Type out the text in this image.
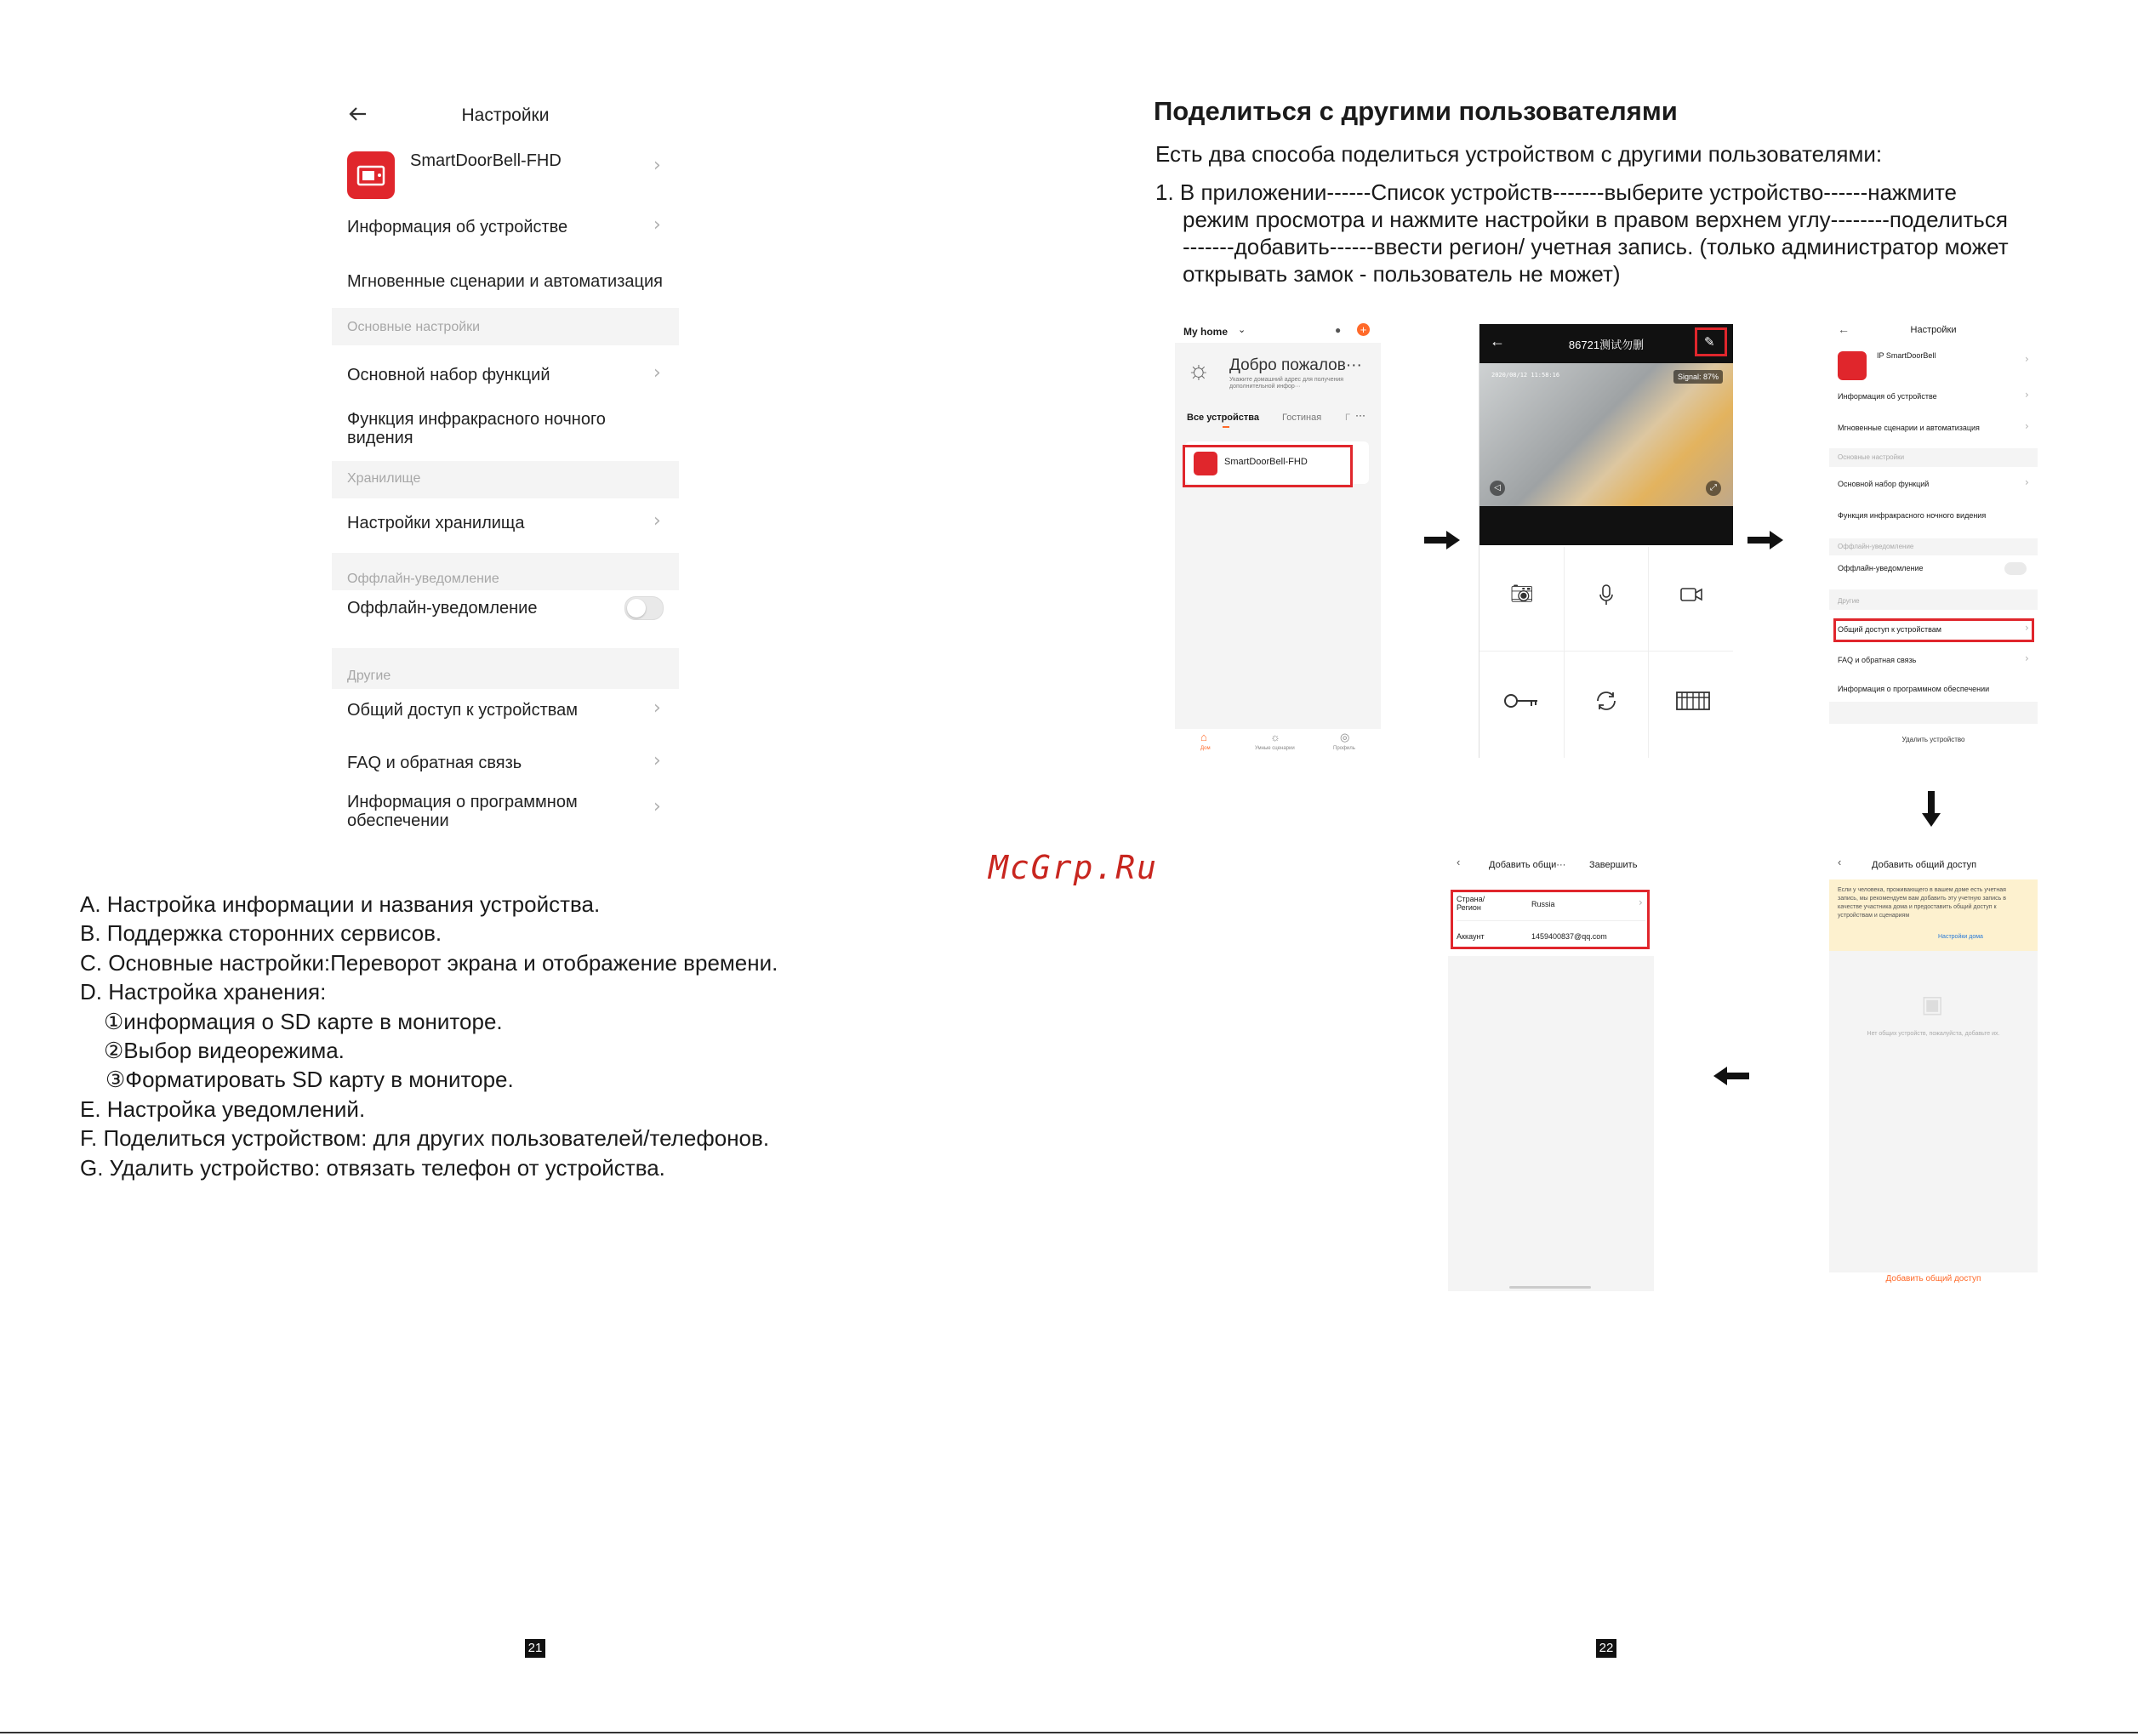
Настройки
SmartDoorBell-FHD	›
Информация об устройстве	›
Мгновенные сценарии и автоматизация
Основные настройки
Основной набор функций	›
Функция инфракрасного ночного видения
Хранилище
Настройки хранилища	›
Оффлайн-уведомление
Оффлайн-уведомление
Другие
Общий доступ к устройствам	›
FAQ и обратная связь	›
Информация о программном обеспечении
›
A. Настройка информации и названия устройства.
B. Поддержка сторонних сервисов.
C. Основные настройки:Переворот экрана и отображение времени.
D. Настройка хранения:
①информация о SD карте в мониторе.
②Выбор видеорежима.
③Форматировать SD карту в мониторе.
E. Настройка уведомлений.
F. Поделиться устройством: для других пользователей/телефонов.
G. Удалить устройство: отвязать телефон от устройства.
21
McGrp.Ru
Поделиться с другими пользователями
Есть два способа поделиться устройством с другими пользователями:
1. В приложении------Список устройств-------выберите устройство------нажмите
режим просмотра и нажмите настройки в правом верхнем углу--------поделиться
-------добавить------ввести регион/ учетная запись. (только администратор может
открывать замок - пользователь не может)
My home ⌄	● +
☼ Добро пожалов···
Укажите домашний адрес для получения дополнительной инфор···
Все устройства Гостиная	Г ···
SmartDoorBell-FHD
⌂
Дом
☼
Умные сценарии
◎
Профиль
←	86721测试勿删	✎
2020/08/12 11:58:16	Signal: 87%
◁	⤢
📷︎
←	Настройки
IP SmartDoorBell	›
Информация об устройстве	›
Мгновенные сценарии и автоматизация	›
Основные настройки
Основной набор функций	›
Функция инфракрасного ночного видения
Оффлайн-уведомление
Оффлайн-уведомление
Другие
Общий доступ к устройствам	›
FAQ и обратная связь	›
Информация о программном обеспечении
Удалить устройство
‹	Добавить общий доступ
Если у человека, проживающего в вашем доме есть учетная запись, мы рекомендуем вам добавить эту учетную запись в качестве участника дома и предоставить общий доступ к устройствам и сценариям
Настройки дома
▣
Нет общих устройств, пожалуйста, добавьте их.
Добавить общий доступ
‹	Добавить общи···	Завершить
Страна/ Регион	Russia	›
Аккаунт	1459400837@qq.com
22
